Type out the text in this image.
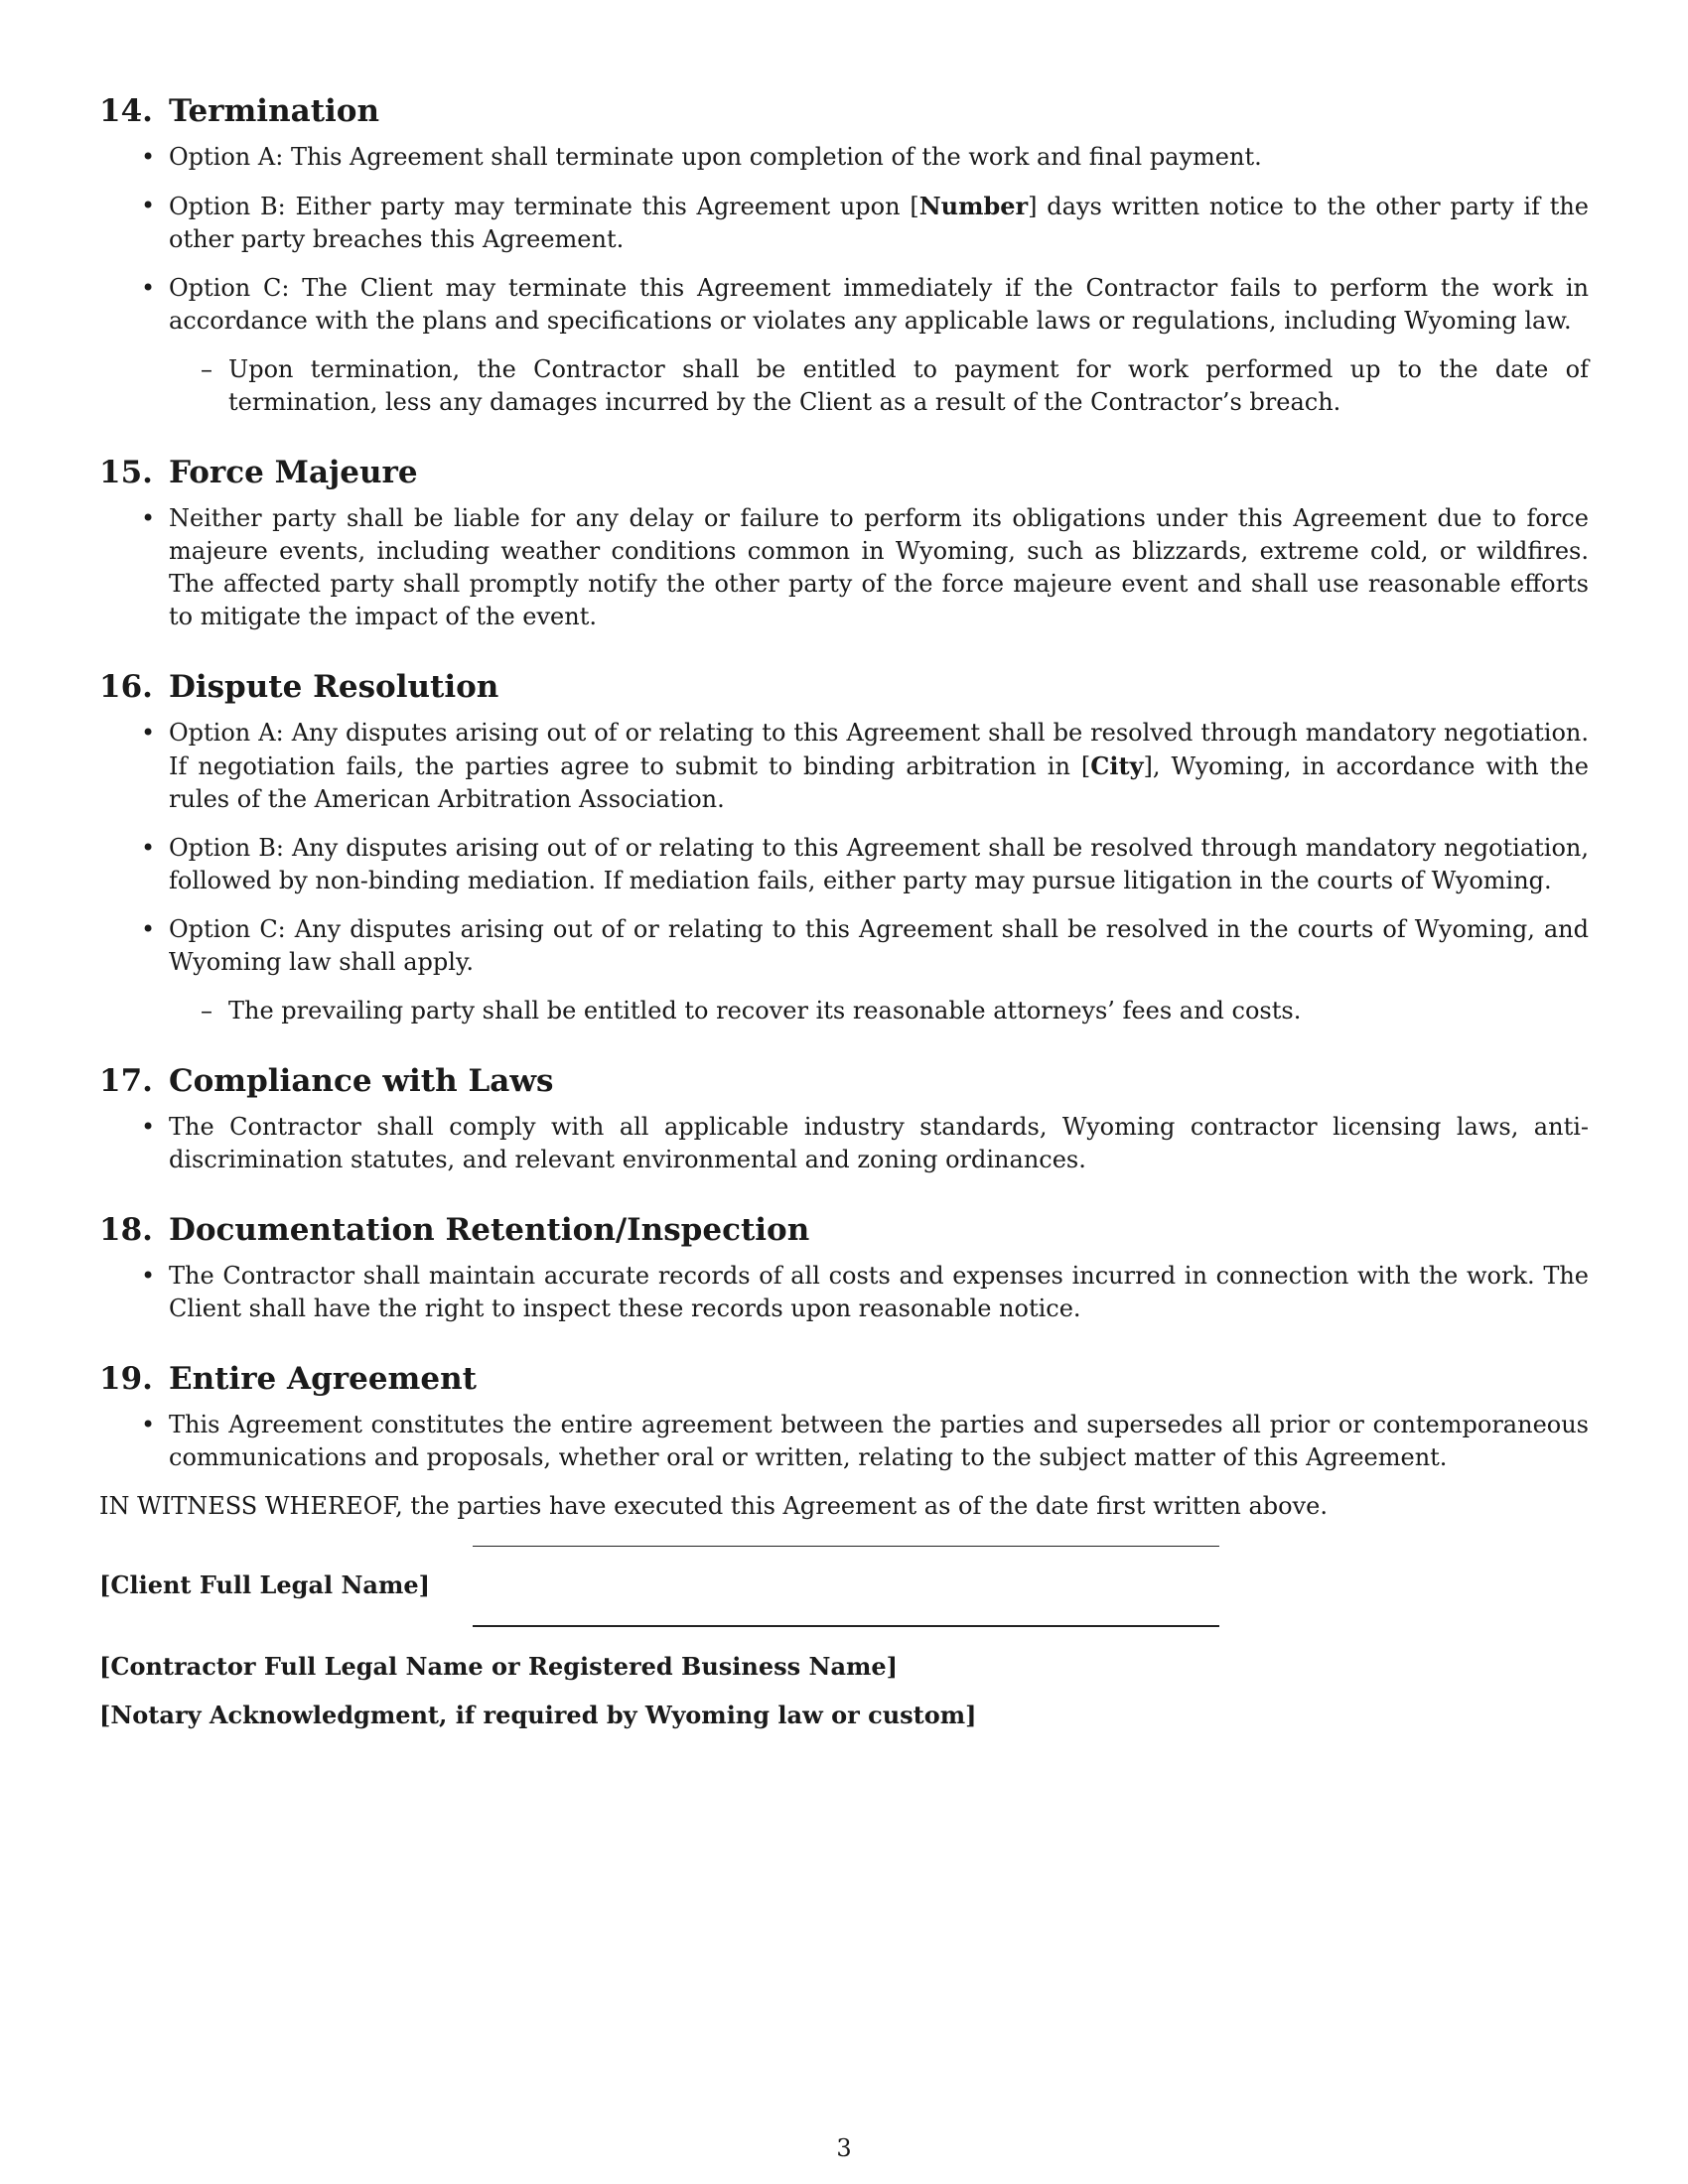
14. Termination
• Option A: This Agreement shall terminate upon completion of the work and final payment.
• Option B: Either party may terminate this Agreement upon [Number] days written notice to the other party if the other party breaches this Agreement.
• Option C: The Client may terminate this Agreement immediately if the Contractor fails to perform the work in accordance with the plans and specifications or violates any applicable laws or regulations, including Wyoming law.
– Upon termination, the Contractor shall be entitled to payment for work performed up to the date of termination, less any damages incurred by the Client as a result of the Contractor’s breach.
15. Force Majeure
• Neither party shall be liable for any delay or failure to perform its obligations under this Agreement due to force majeure events, including weather conditions common in Wyoming, such as blizzards, extreme cold, or wildfires. The affected party shall promptly notify the other party of the force majeure event and shall use reasonable efforts to mitigate the impact of the event.
16. Dispute Resolution
• Option A: Any disputes arising out of or relating to this Agreement shall be resolved through mandatory negotiation. If negotiation fails, the parties agree to submit to binding arbitration in [City], Wyoming, in accordance with the rules of the American Arbitration Association.
• Option B: Any disputes arising out of or relating to this Agreement shall be resolved through mandatory negotiation, followed by non-binding mediation. If mediation fails, either party may pursue litigation in the courts of Wyoming.
• Option C: Any disputes arising out of or relating to this Agreement shall be resolved in the courts of Wyoming, and Wyoming law shall apply.
– The prevailing party shall be entitled to recover its reasonable attorneys’ fees and costs.
17. Compliance with Laws
• The Contractor shall comply with all applicable industry standards, Wyoming contractor licensing laws, anti-discrimination statutes, and relevant environmental and zoning ordinances.
18. Documentation Retention/Inspection
• The Contractor shall maintain accurate records of all costs and expenses incurred in connection with the work. The Client shall have the right to inspect these records upon reasonable notice.
19. Entire Agreement
• This Agreement constitutes the entire agreement between the parties and supersedes all prior or contemporaneous communications and proposals, whether oral or written, relating to the subject matter of this Agreement.

IN WITNESS WHEREOF, the parties have executed this Agreement as of the date first written above.

[Client Full Legal Name]

[Contractor Full Legal Name or Registered Business Name]

[Notary Acknowledgment, if required by Wyoming law or custom]

3
